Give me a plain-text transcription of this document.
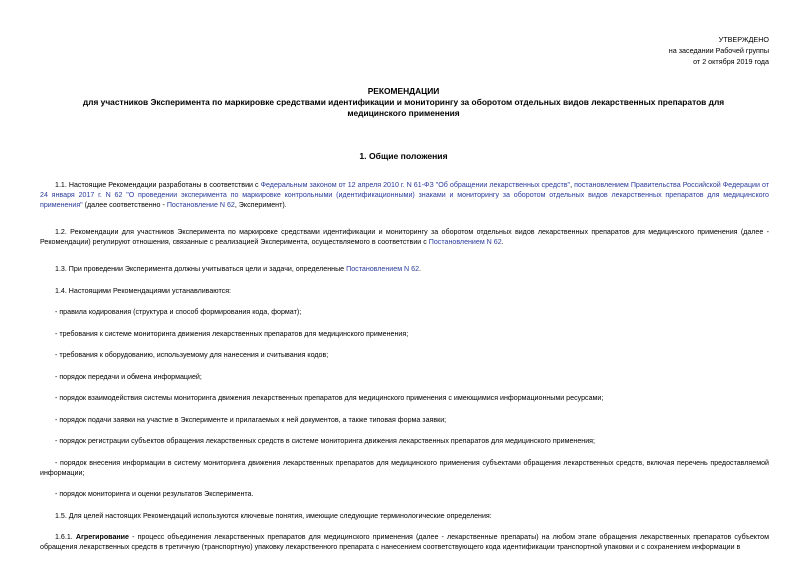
УТВЕРЖДЕНО
на заседании Рабочей группы
от 2 октября 2019 года
РЕКОМЕНДАЦИИ
для участников Эксперимента по маркировке средствами идентификации и мониторингу за оборотом отдельных видов лекарственных препаратов для
медицинского применения
1. Общие положения

1.1. Настоящие Рекомендации разработаны в соответствии с Федеральным законом от 12 апреля 2010 г. N 61-ФЗ "Об обращении лекарственных средств", постановлением Правительства Российской Федерации от 24 января 2017 г. N 62 "О проведении эксперимента по маркировке контрольными (идентификационными) знаками и мониторингу за оборотом отдельных видов лекарственных препаратов для медицинского применения" (далее соответственно - Постановление N 62, Эксперимент).

1.2. Рекомендации для участников Эксперимента по маркировке средствами идентификации и мониторингу за оборотом отдельных видов лекарственных препаратов для медицинского применения (далее - Рекомендации) регулируют отношения, связанные с реализацией Эксперимента, осуществляемого в соответствии с Постановлением N 62.

1.3. При проведении Эксперимента должны учитываться цели и задачи, определенные Постановлением N 62.

1.4. Настоящими Рекомендациями устанавливаются:

- правила кодирования (структура и способ формирования кода, формат);

- требования к системе мониторинга движения лекарственных препаратов для медицинского применения;

- требования к оборудованию, используемому для нанесения и считывания кодов;

- порядок передачи и обмена информацией;

- порядок взаимодействия системы мониторинга движения лекарственных препаратов для медицинского применения с имеющимися информационными ресурсами;

- порядок подачи заявки на участие в Эксперименте и прилагаемых к ней документов, а также типовая форма заявки;

- порядок регистрации субъектов обращения лекарственных средств в системе мониторинга движения лекарственных препаратов для медицинского применения;

- порядок внесения информации в систему мониторинга движения лекарственных препаратов для медицинского применения субъектами обращения лекарственных средств, включая перечень предоставляемой информации;

- порядок мониторинга и оценки результатов Эксперимента.

1.5. Для целей настоящих Рекомендаций используются ключевые понятия, имеющие следующие терминологические определения:

1.6.1. Агрегирование - процесс объединения лекарственных препаратов для медицинского применения (далее - лекарственные препараты) на любом этапе обращения лекарственных препаратов субъектом обращения лекарственных средств в третичную (транспортную) упаковку лекарственного препарата с нанесением соответствующего кода идентификации транспортной упаковки и с сохранением информации в
